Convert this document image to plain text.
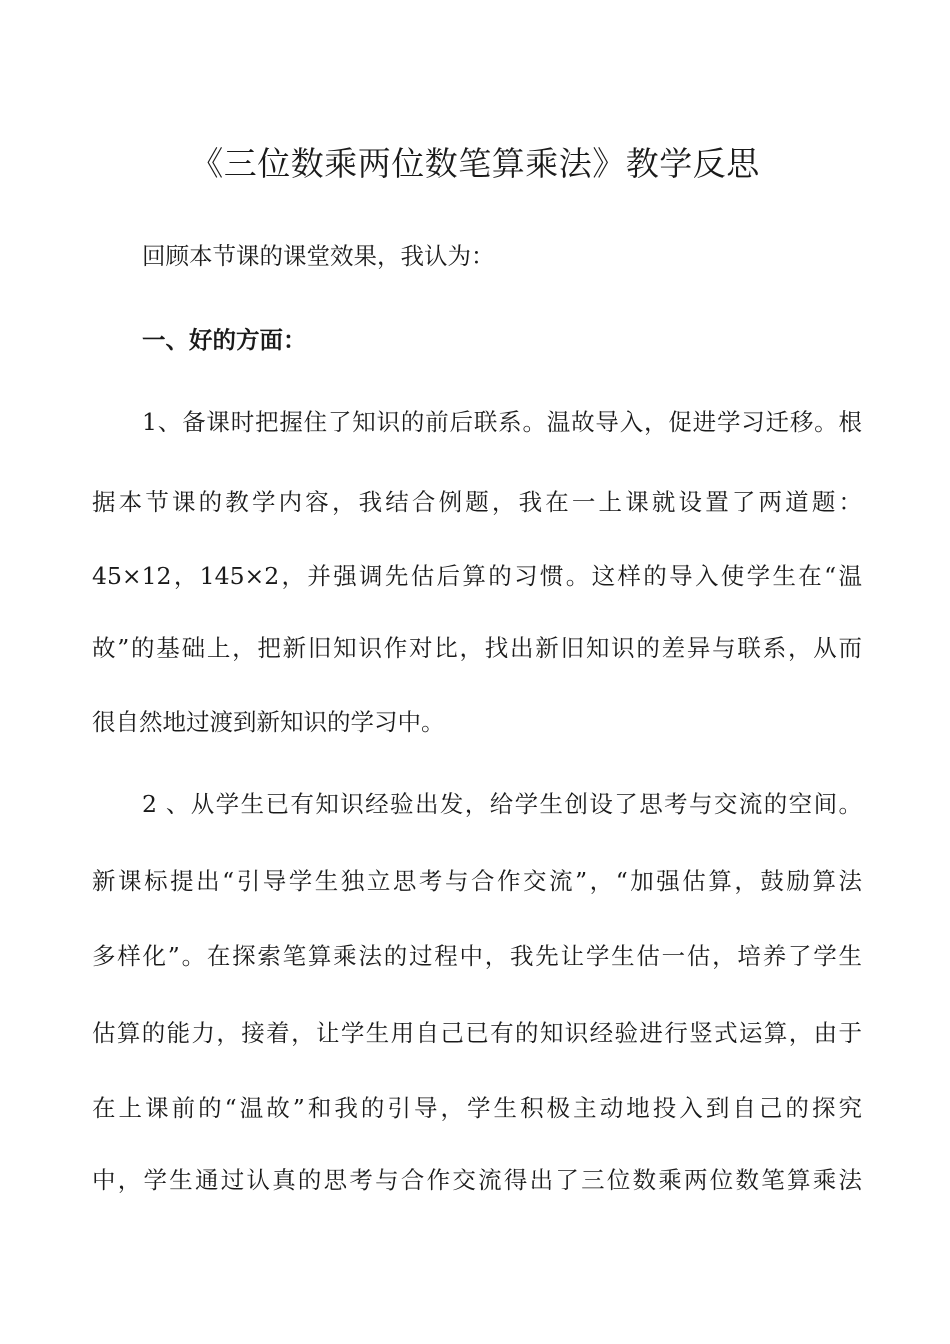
《三位数乘两位数笔算乘法》教学反思
回顾本节课的课堂效果，我认为：
一、好的方面：
1、备课时把握住了知识的前后联系。温故导入，促进学习迁移。根
据本节课的教学内容，我结合例题，我在一上课就设置了两道题：
45×12，145×2，并强调先估后算的习惯。这样的导入使学生在“温
故”的基础上，把新旧知识作对比，找出新旧知识的差异与联系，从而
很自然地过渡到新知识的学习中。
2 、从学生已有知识经验出发，给学生创设了思考与交流的空间。
新课标提出“引导学生独立思考与合作交流”，“加强估算，鼓励算法
多样化”。在探索笔算乘法的过程中，我先让学生估一估，培养了学生
估算的能力，接着，让学生用自己已有的知识经验进行竖式运算，由于
在上课前的“温故”和我的引导，学生积极主动地投入到自己的探究
中，学生通过认真的思考与合作交流得出了三位数乘两位数笔算乘法
